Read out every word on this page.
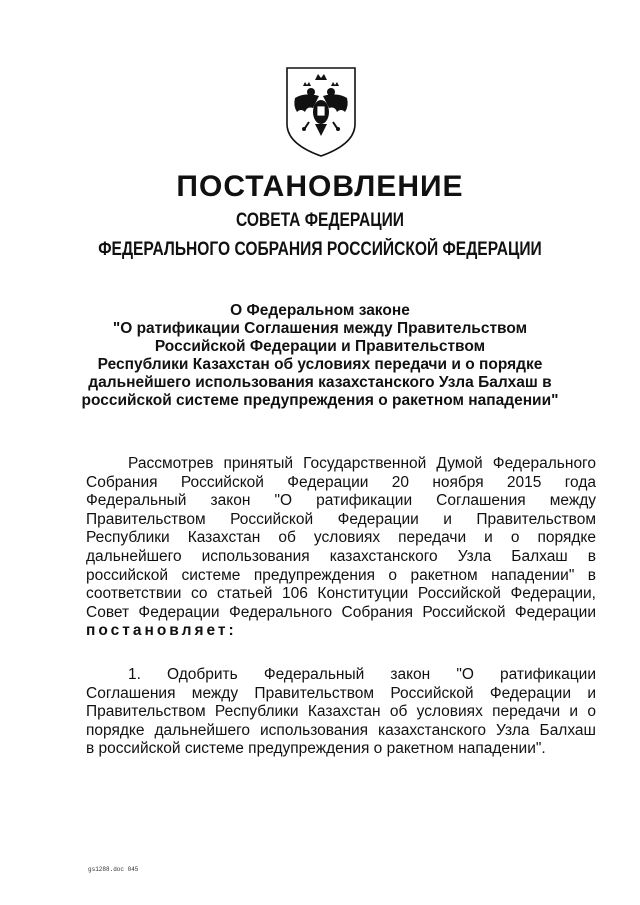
ПОСТАНОВЛЕНИЕ
СОВЕТА ФЕДЕРАЦИИ
ФЕДЕРАЛЬНОГО СОБРАНИЯ РОССИЙСКОЙ ФЕДЕРАЦИИ
О Федеральном законе
"О ратификации Соглашения между Правительством
Российской Федерации и Правительством
Республики Казахстан об условиях передачи и о порядке
дальнейшего использования казахстанского Узла Балхаш в
российской системе предупреждения о ракетном нападении"
Рассмотрев принятый Государственной Думой Федерального
Собрания Российской Федерации 20 ноября 2015 года
Федеральный закон "О ратификации Соглашения между
Правительством Российской Федерации и Правительством
Республики Казахстан об условиях передачи и о порядке
дальнейшего использования казахстанского Узла Балхаш в
российской системе предупреждения о ракетном нападении" в
соответствии со статьей 106 Конституции Российской Федерации,
Совет Федерации Федерального Собрания Российской Федерации
постановляет:
1. Одобрить Федеральный закон "О ратификации
Соглашения между Правительством Российской Федерации и
Правительством Республики Казахстан об условиях передачи и о
порядке дальнейшего использования казахстанского Узла Балхаш
в российской системе предупреждения о ракетном нападении".
gs1288.doc 045
